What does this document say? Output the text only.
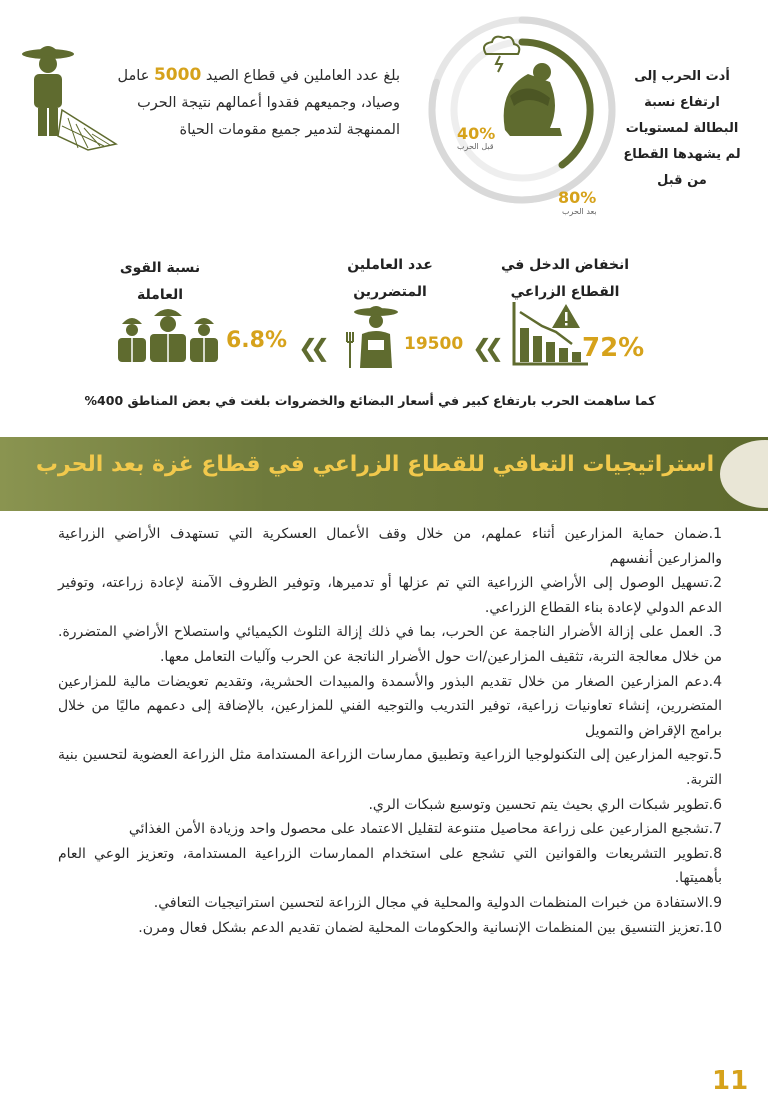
بلغ عدد العاملين في قطاع الصيد 5000 عامل وصياد، وجميعهم فقدوا أعمالهم نتيجة الحرب الممنهجة لتدمير جميع مقومات الحياة	40%
قبل الحرب
80%
بعد الحرب
أدت الحرب إلى ارتفاع نسبة البطالة لمستويات لم يشهدها القطاع من قبل
انخفاض الدخل في القطاع الزراعي
72%
❮❮
عدد العاملين المتضررين
19500
❮❮
نسبة القوى العاملة
6.8%
كما ساهمت الحرب بارتفاع كبير في أسعار البضائع والخضروات بلغت في بعض المناطق 400%
استراتيجيات التعافي للقطاع الزراعي في قطاع غزة بعد الحرب

1.ضمان حماية المزارعين أثناء عملهم، من خلال وقف الأعمال العسكرية التي تستهدف الأراضي الزراعية والمزارعين أنفسهم

2.تسهيل الوصول إلى الأراضي الزراعية التي تم عزلها أو تدميرها، وتوفير الظروف الآمنة لإعادة زراعته، وتوفير الدعم الدولي لإعادة بناء القطاع الزراعي.

3. العمل على إزالة الأضرار الناجمة عن الحرب، بما في ذلك إزالة التلوث الكيميائي واستصلاح الأراضي المتضررة. من خلال معالجة التربة، تثقيف المزارعين/ات حول الأضرار الناتجة عن الحرب وآليات التعامل معها.

4.دعم المزارعين الصغار من خلال تقديم البذور والأسمدة والمبيدات الحشرية، وتقديم تعويضات مالية للمزارعين المتضررين، إنشاء تعاونيات زراعية، توفير التدريب والتوجيه الفني للمزارعين، بالإضافة إلى دعمهم ماليًا من خلال برامج الإقراض والتمويل

5.توجيه المزارعين إلى التكنولوجيا الزراعية وتطبيق ممارسات الزراعة المستدامة مثل الزراعة العضوية لتحسين بنية التربة.

6.تطوير شبكات الري بحيث يتم تحسين وتوسيع شبكات الري.

7.تشجيع المزارعين على زراعة محاصيل متنوعة لتقليل الاعتماد على محصول واحد وزيادة الأمن الغذائي

8.تطوير التشريعات والقوانين التي تشجع على استخدام الممارسات الزراعية المستدامة، وتعزيز الوعي العام بأهميتها.

9.الاستفادة من خبرات المنظمات الدولية والمحلية في مجال الزراعة لتحسين استراتيجيات التعافي.

10.تعزيز التنسيق بين المنظمات الإنسانية والحكومات المحلية لضمان تقديم الدعم بشكل فعال ومرن.

11
